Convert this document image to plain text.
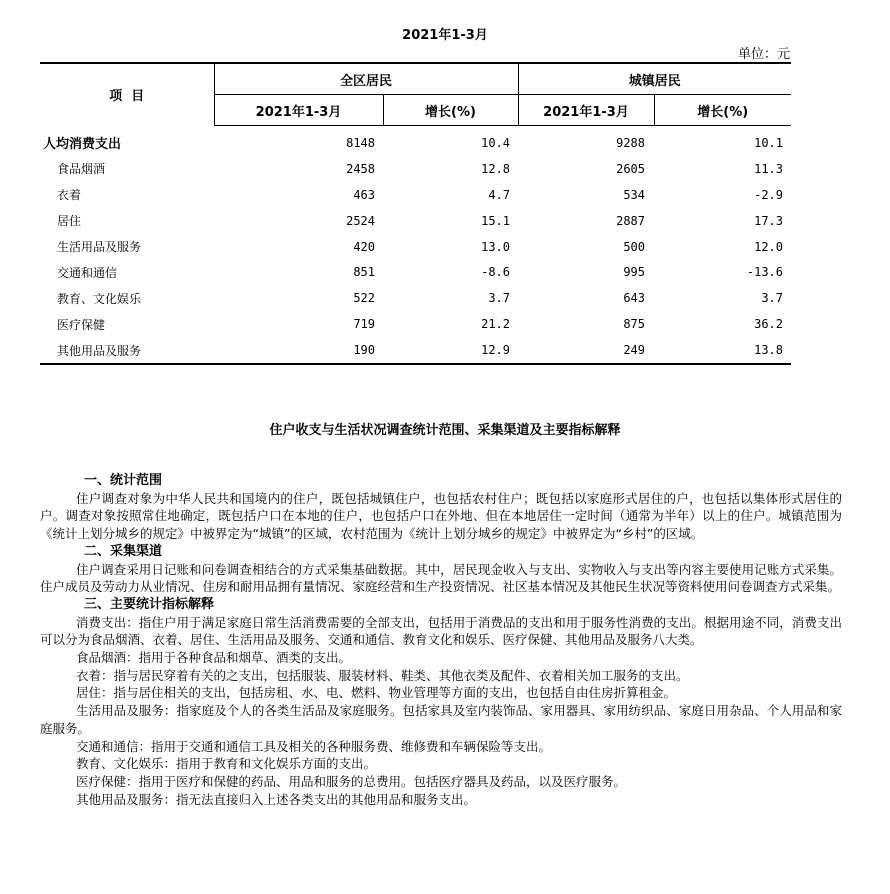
2021年1-3月
单位：元
项  目	全区居民		城镇居民	
	2021年1-3月	增长(%)	2021年1-3月	增长(%)
人均消费支出	8148	10.4	9288	10.1
食品烟酒	2458	12.8	2605	11.3
衣着	463	4.7	534	-2.9
居住	2524	15.1	2887	17.3
生活用品及服务	420	13.0	500	12.0
交通和通信	851	-8.6	995	-13.6
教育、文化娱乐	522	3.7	643	3.7
医疗保健	719	21.2	875	36.2
其他用品及服务	190	12.9	249	13.8
住户收支与生活状况调查统计范围、采集渠道及主要指标解释
一、统计范围

住户调查对象为中华人民共和国境内的住户，既包括城镇住户，也包括农村住户；既包括以家庭形式居住的户，也包括以集体形式居住的户。调查对象按照常住地确定，既包括户口在本地的住户，也包括户口在外地、但在本地居住一定时间（通常为半年）以上的住户。城镇范围为《统计上划分城乡的规定》中被界定为“城镇”的区域，农村范围为《统计上划分城乡的规定》中被界定为“乡村”的区域。

二、采集渠道

住户调查采用日记账和问卷调查相结合的方式采集基础数据。其中，居民现金收入与支出、实物收入与支出等内容主要使用记账方式采集。住户成员及劳动力从业情况、住房和耐用品拥有量情况、家庭经营和生产投资情况、社区基本情况及其他民生状况等资料使用问卷调查方式采集。

三、主要统计指标解释

消费支出：指住户用于满足家庭日常生活消费需要的全部支出，包括用于消费品的支出和用于服务性消费的支出。根据用途不同，消费支出可以分为食品烟酒、衣着、居住、生活用品及服务、交通和通信、教育文化和娱乐、医疗保健、其他用品及服务八大类。

食品烟酒：指用于各种食品和烟草、酒类的支出。

衣着：指与居民穿着有关的之支出，包括服装、服装材料、鞋类、其他衣类及配件、衣着相关加工服务的支出。

居住：指与居住相关的支出，包括房租、水、电、燃料、物业管理等方面的支出，也包括自由住房折算租金。

生活用品及服务：指家庭及个人的各类生活品及家庭服务。包括家具及室内装饰品、家用器具、家用纺织品、家庭日用杂品、个人用品和家庭服务。

交通和通信：指用于交通和通信工具及相关的各种服务费、维修费和车辆保险等支出。

教育、文化娱乐：指用于教育和文化娱乐方面的支出。

医疗保健：指用于医疗和保健的药品、用品和服务的总费用。包括医疗器具及药品，以及医疗服务。

其他用品及服务：指无法直接归入上述各类支出的其他用品和服务支出。
